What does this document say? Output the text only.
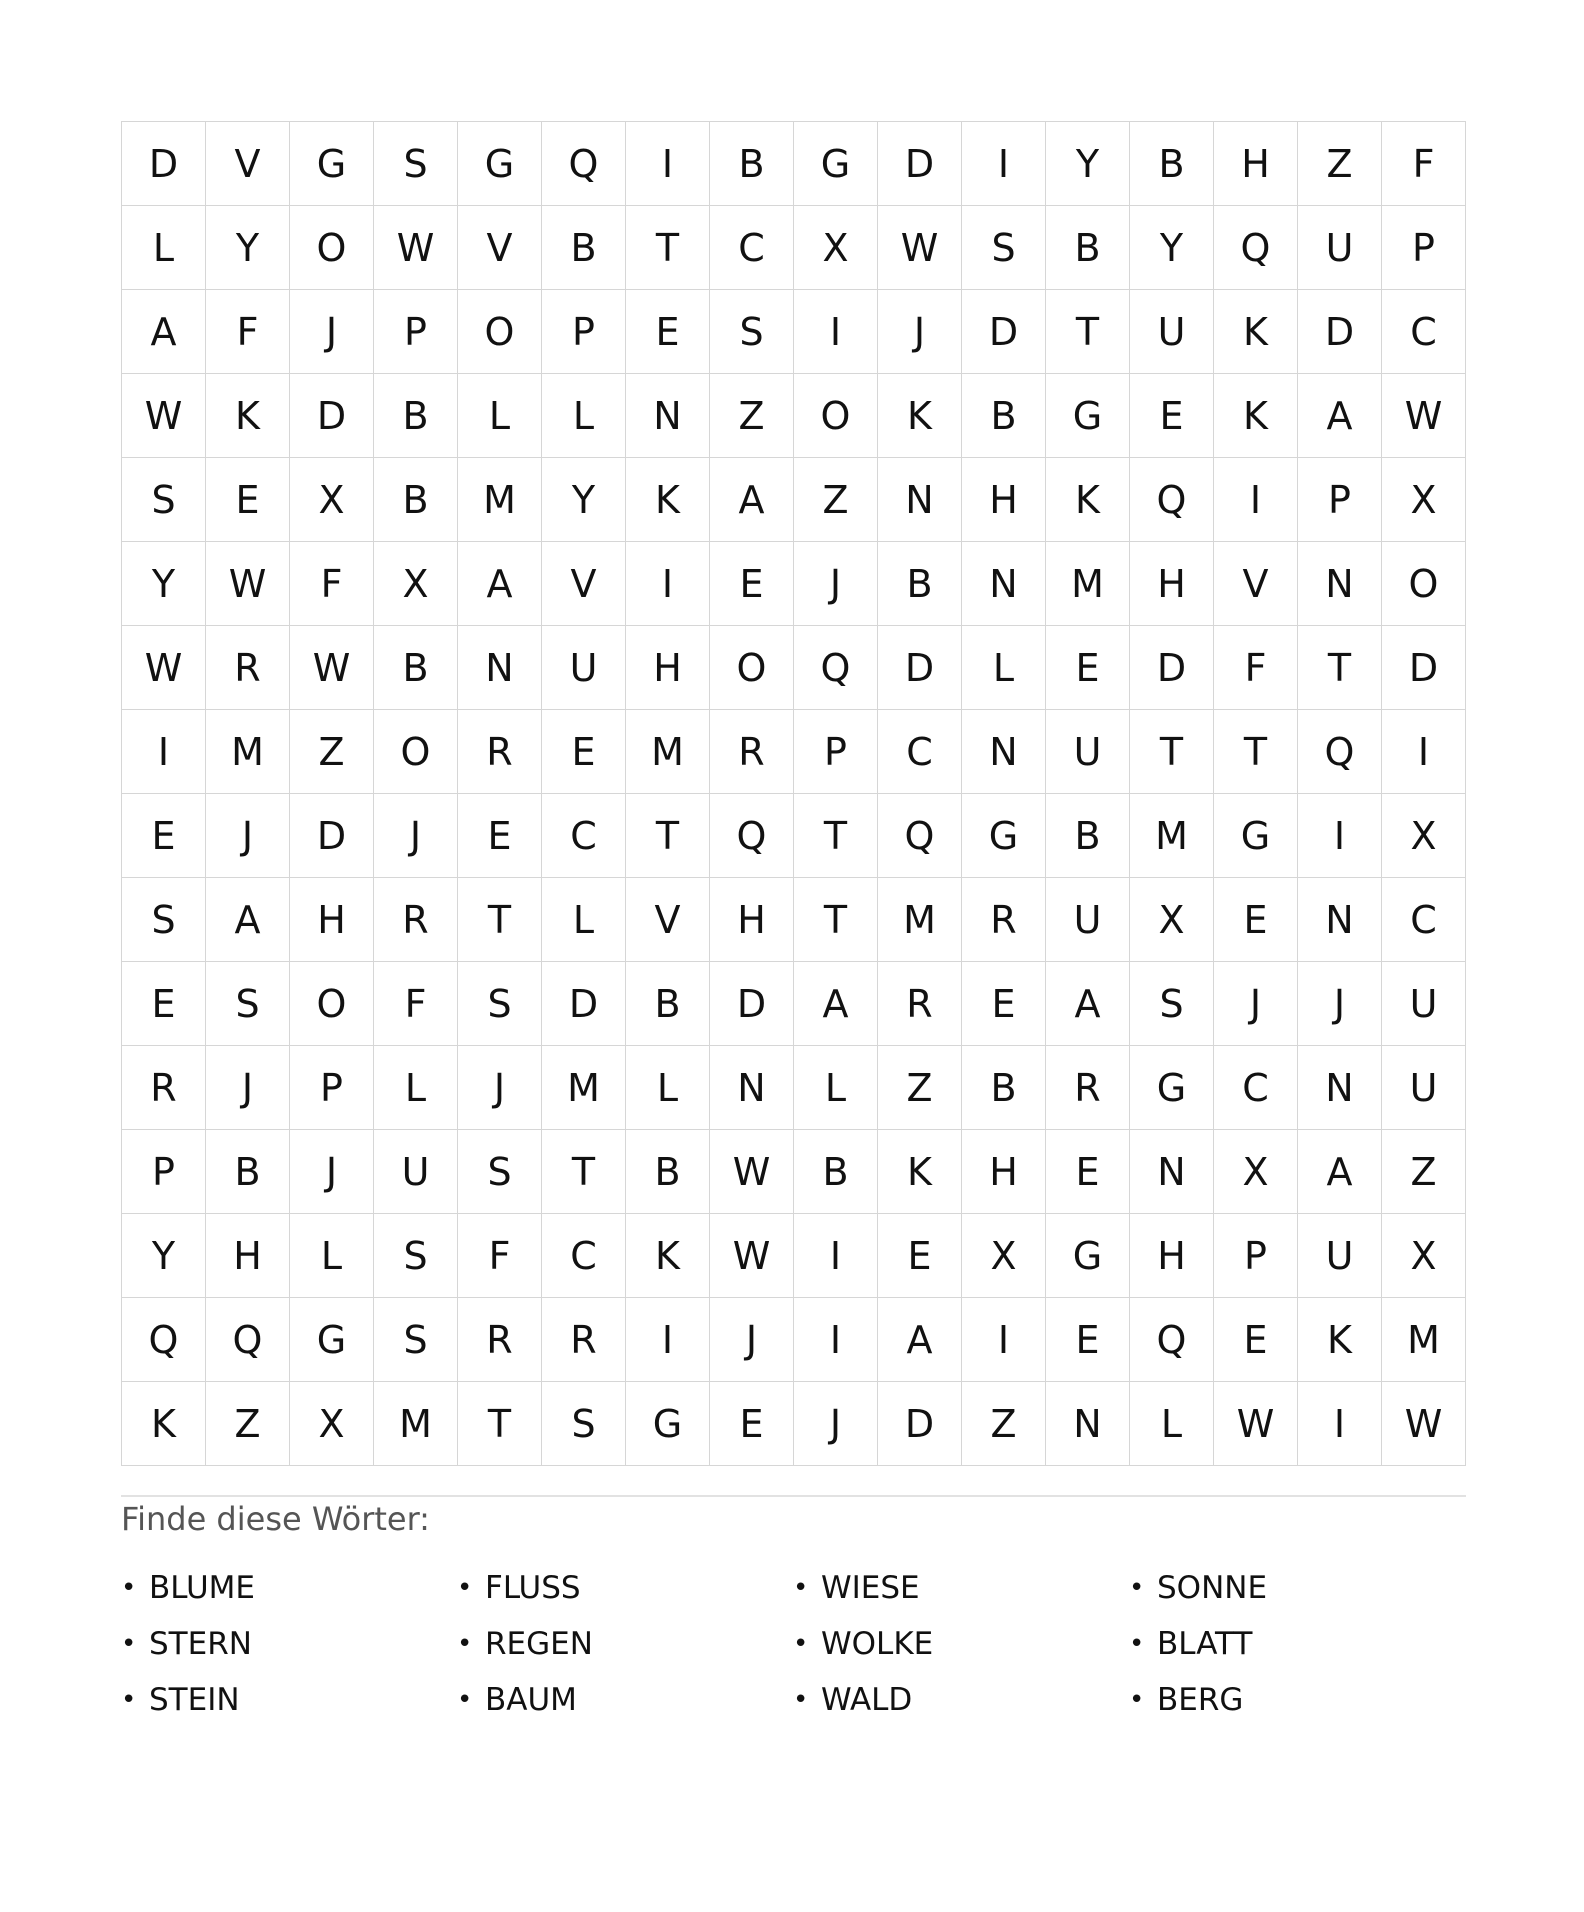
D	V	G	S	G	Q	I	B	G	D	I	Y	B	H	Z	F
L	Y	O	W	V	B	T	C	X	W	S	B	Y	Q	U	P
A	F	J	P	O	P	E	S	I	J	D	T	U	K	D	C
W	K	D	B	L	L	N	Z	O	K	B	G	E	K	A	W
S	E	X	B	M	Y	K	A	Z	N	H	K	Q	I	P	X
Y	W	F	X	A	V	I	E	J	B	N	M	H	V	N	O
W	R	W	B	N	U	H	O	Q	D	L	E	D	F	T	D
I	M	Z	O	R	E	M	R	P	C	N	U	T	T	Q	I
E	J	D	J	E	C	T	Q	T	Q	G	B	M	G	I	X
S	A	H	R	T	L	V	H	T	M	R	U	X	E	N	C
E	S	O	F	S	D	B	D	A	R	E	A	S	J	J	U
R	J	P	L	J	M	L	N	L	Z	B	R	G	C	N	U
P	B	J	U	S	T	B	W	B	K	H	E	N	X	A	Z
Y	H	L	S	F	C	K	W	I	E	X	G	H	P	U	X
Q	Q	G	S	R	R	I	J	I	A	I	E	Q	E	K	M
K	Z	X	M	T	S	G	E	J	D	Z	N	L	W	I	W
Finde diese Wörter:
• BLUME	• FLUSS	• WIESE	• SONNE
• STERN	• REGEN	• WOLKE	• BLATT
• STEIN	• BAUM	• WALD	• BERG
